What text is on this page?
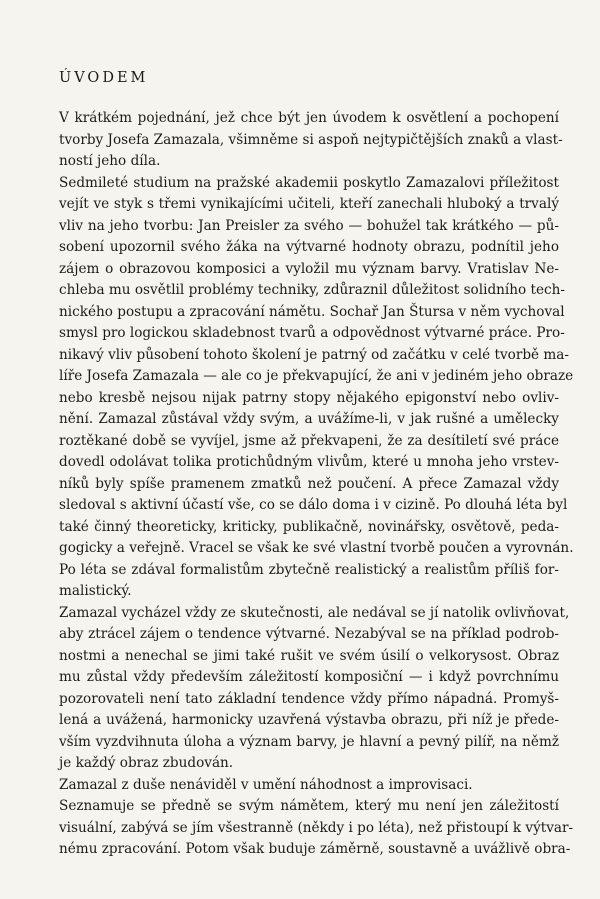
ÚVODEM
V krátkém pojednání, jež chce být jen úvodem k osvětlení a pochopení
tvorby Josefa Zamazala, všimněme si aspoň nejtypičtějších znaků a vlast-
ností jeho díla.
Sedmileté studium na pražské akademii poskytlo Zamazalovi příležitost
vejít ve styk s třemi vynikajícími učiteli, kteří zanechali hluboký a trvalý
vliv na jeho tvorbu: Jan Preisler za svého — bohužel tak krátkého — pů-
sobení upozornil svého žáka na výtvarné hodnoty obrazu, podnítil jeho
zájem o obrazovou komposici a vyložil mu význam barvy. Vratislav Ne-
chleba mu osvětlil problémy techniky, zdůraznil důležitost solidního tech-
nického postupu a zpracování námětu. Sochař Jan Štursa v něm vychoval
smysl pro logickou skladebnost tvarů a odpovědnost výtvarné práce. Pro-
nikavý vliv působení tohoto školení je patrný od začátku v celé tvorbě ma-
líře Josefa Zamazala — ale co je překvapující, že ani v jediném jeho obraze
nebo kresbě nejsou nijak patrny stopy nějakého epigonství nebo ovliv-
nění. Zamazal zůstával vždy svým, a uvážíme-li, v jak rušné a umělecky
roztěkané době se vyvíjel, jsme až překvapeni, že za desítiletí své práce
dovedl odolávat tolika protichůdným vlivům, které u mnoha jeho vrstev-
níků byly spíše pramenem zmatků než poučení. A přece Zamazal vždy
sledoval s aktivní účastí vše, co se dálo doma i v cizině. Po dlouhá léta byl
také činný theoreticky, kriticky, publikačně, novinářsky, osvětově, peda-
gogicky a veřejně. Vracel se však ke své vlastní tvorbě poučen a vyrovnán.
Po léta se zdával formalistům zbytečně realistický a realistům příliš for-
malistický.
Zamazal vycházel vždy ze skutečnosti, ale nedával se jí natolik ovlivňovat,
aby ztrácel zájem o tendence výtvarné. Nezabýval se na příklad podrob-
nostmi a nenechal se jimi také rušit ve svém úsilí o velkorysost. Obraz
mu zůstal vždy především záležitostí komposiční — i když povrchnímu
pozorovateli není tato základní tendence vždy přímo nápadná. Promyš-
lená a uvážená, harmonicky uzavřená výstavba obrazu, při níž je přede-
vším vyzdvihnuta úloha a význam barvy, je hlavní a pevný pilíř, na němž
je každý obraz zbudován.
Zamazal z duše nenáviděl v umění náhodnost a improvisaci.
Seznamuje se předně se svým námětem, který mu není jen záležitostí
visuální, zabývá se jím všestranně (někdy i po léta), než přistoupí k výtvar-
nému zpracování. Potom však buduje záměrně, soustavně a uvážlivě obra-
